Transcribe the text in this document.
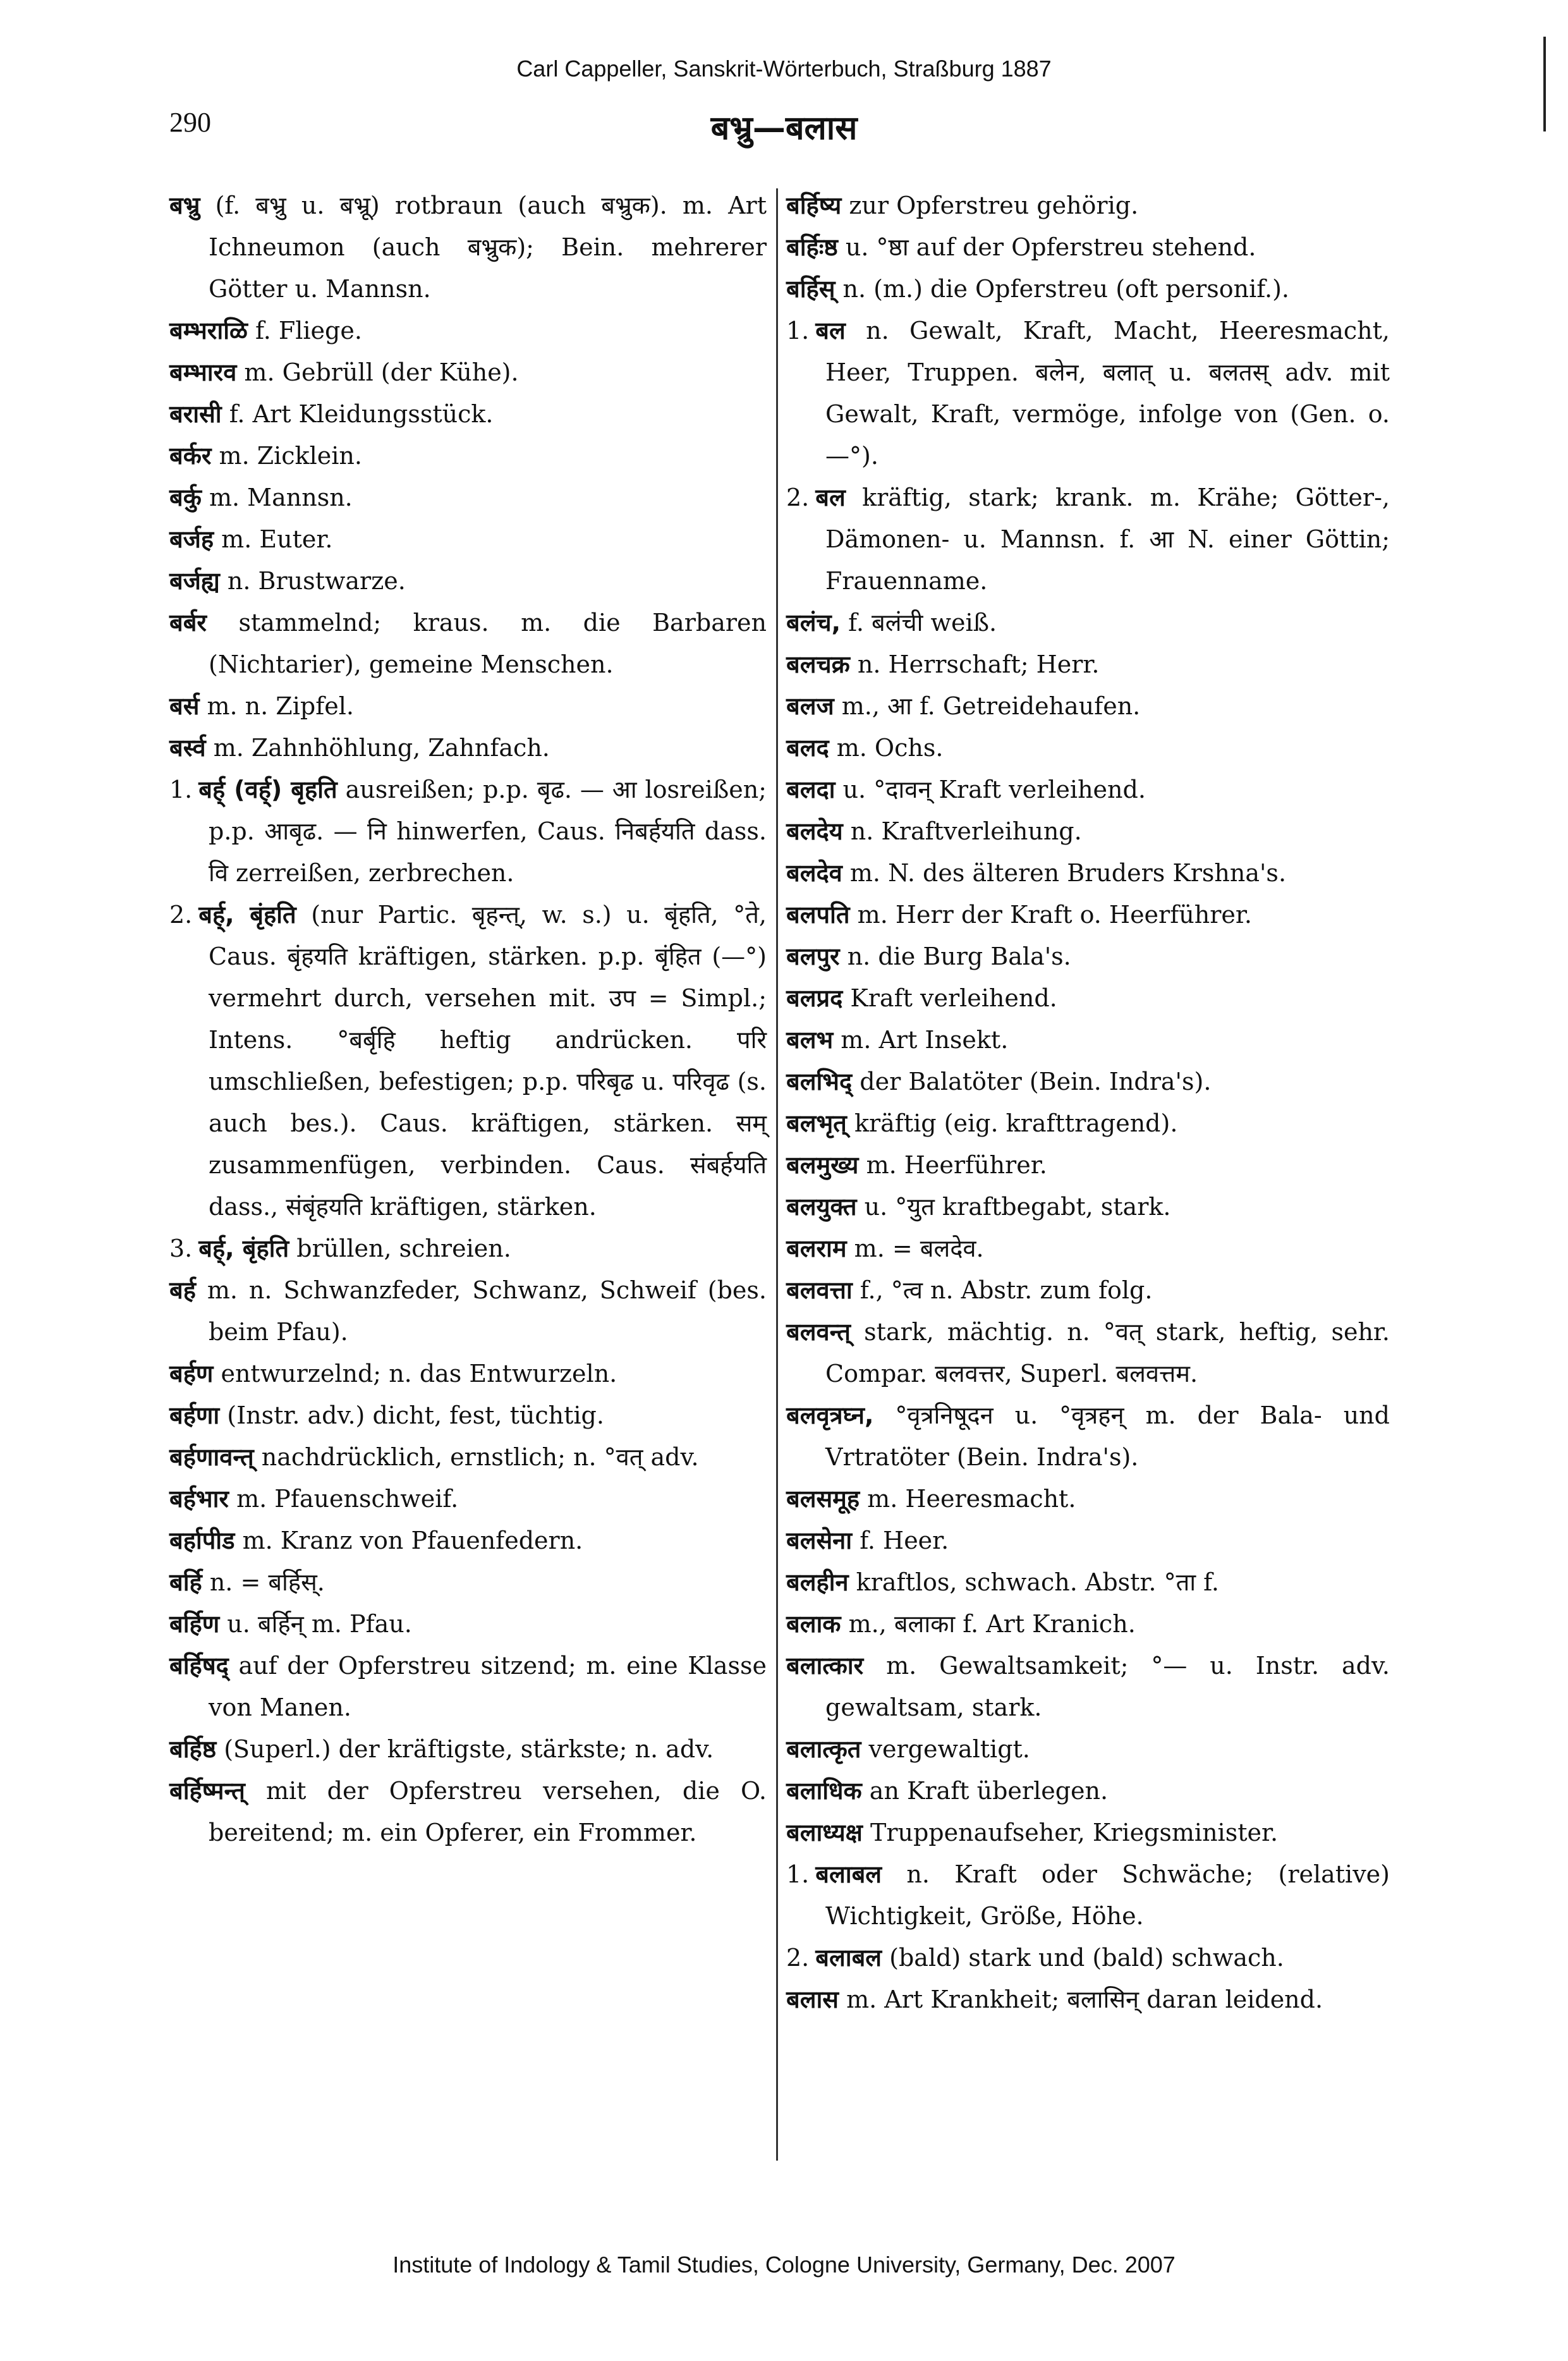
Carl Cappeller, Sanskrit-Wörterbuch, Straßburg 1887
290	बभ्रु—बलास

बभ्रु (f. बभ्रु u. बभ्रू) rotbraun (auch बभ्रुक). m. Art Ichneumon (auch बभ्रुक); Bein. mehrerer Götter u. Mannsn.

बम्भराळि f. Fliege.

बम्भारव m. Gebrüll (der Kühe).

बरासी f. Art Kleidungsstück.

बर्कर m. Zicklein.

बर्कु m. Mannsn.

बर्जह m. Euter.

बर्जह्य n. Brustwarze.

बर्बर stammelnd; kraus. m. die Barbaren (Nichtarier), gemeine Menschen.

बर्स m. n. Zipfel.

बर्स्व m. Zahnhöhlung, Zahnfach.

1. बर्ह् (वर्ह्) बृहति ausreißen; p.p. बृढ. — आ losreißen; p.p. आबृढ. — नि hinwerfen, Caus. निबर्हयति dass. वि zerreißen, zerbrechen.

2. बर्ह्, बृंहति (nur Partic. बृहन्त्, w. s.) u. बृंहति, °ते, Caus. बृंहयति kräftigen, stärken. p.p. बृंहित (—°) vermehrt durch, versehen mit. उप = Simpl.; Intens. °बर्बृहि heftig andrücken. परि umschließen, befestigen; p.p. परिबृढ u. परिवृढ (s. auch bes.). Caus. kräftigen, stärken. सम् zusammenfügen, verbinden. Caus. संबर्हयति dass., संबृंहयति kräftigen, stärken.

3. बर्ह्, बृंहति brüllen, schreien.

बर्ह m. n. Schwanzfeder, Schwanz, Schweif (bes. beim Pfau).

बर्हण entwurzelnd; n. das Entwurzeln.

बर्हणा (Instr. adv.) dicht, fest, tüchtig.

बर्हणावन्त् nachdrücklich, ernstlich; n. °वत् adv.

बर्हभार m. Pfauenschweif.

बर्हापीड m. Kranz von Pfauenfedern.

बर्हि n. = बर्हिस्.

बर्हिण u. बर्हिन् m. Pfau.

बर्हिषद् auf der Opferstreu sitzend; m. eine Klasse von Manen.

बर्हिष्ठ (Superl.) der kräftigste, stärkste; n. adv.

बर्हिष्मन्त् mit der Opferstreu versehen, die O. bereitend; m. ein Opferer, ein Frommer.

बर्हिष्य zur Opferstreu gehörig.

बर्हिःष्ठ u. °ष्ठा auf der Opferstreu stehend.

बर्हिस् n. (m.) die Opferstreu (oft personif.).

1. बल n. Gewalt, Kraft, Macht, Heeresmacht, Heer, Truppen. बलेन, बलात् u. बलतस् adv. mit Gewalt, Kraft, vermöge, infolge von (Gen. o. —°).

2. बल kräftig, stark; krank. m. Krähe; Götter-, Dämonen- u. Mannsn. f. आ N. einer Göttin; Frauenname.

बलंच, f. बलंची weiß.

बलचक्र n. Herrschaft; Herr.

बलज m., आ f. Getreidehaufen.

बलद m. Ochs.

बलदा u. °दावन् Kraft verleihend.

बलदेय n. Kraftverleihung.

बलदेव m. N. des älteren Bruders Krshna's.

बलपति m. Herr der Kraft o. Heerführer.

बलपुर n. die Burg Bala's.

बलप्रद Kraft verleihend.

बलभ m. Art Insekt.

बलभिद् der Balatöter (Bein. Indra's).

बलभृत् kräftig (eig. krafttragend).

बलमुख्य m. Heerführer.

बलयुक्त u. °युत kraftbegabt, stark.

बलराम m. = बलदेव.

बलवत्ता f., °त्व n. Abstr. zum folg.

बलवन्त् stark, mächtig. n. °वत् stark, heftig, sehr. Compar. बलवत्तर, Superl. बलवत्तम.

बलवृत्रघ्न, °वृत्रनिषूदन u. °वृत्रहन् m. der Bala- und Vrtratöter (Bein. Indra's).

बलसमूह m. Heeresmacht.

बलसेना f. Heer.

बलहीन kraftlos, schwach. Abstr. °ता f.

बलाक m., बलाका f. Art Kranich.

बलात्कार m. Gewaltsamkeit; °— u. Instr. adv. gewaltsam, stark.

बलात्कृत vergewaltigt.

बलाधिक an Kraft überlegen.

बलाध्यक्ष Truppenaufseher, Kriegsminister.

1. बलाबल n. Kraft oder Schwäche; (relative) Wichtigkeit, Größe, Höhe.

2. बलाबल (bald) stark und (bald) schwach.

बलास m. Art Krankheit; बलासिन् daran leidend.

Institute of Indology & Tamil Studies, Cologne University, Germany, Dec. 2007
